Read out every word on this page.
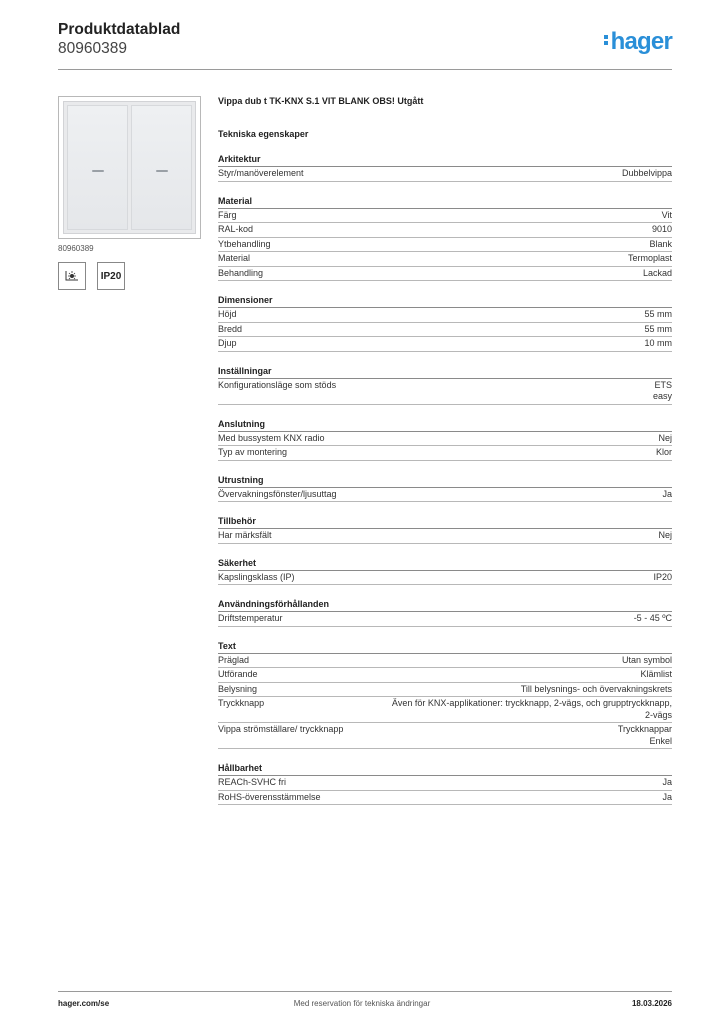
Produktdatablad
80960389	hager
80960389
IP20
Vippa dub t TK-KNX S.1 VIT BLANK OBS! Utgått
Tekniska egenskaper
Arkitektur
Styr/manöverelement	Dubbelvippa
Material
Färg	Vit
RAL-kod	9010
Ytbehandling	Blank
Material	Termoplast
Behandling	Lackad
Dimensioner
Höjd	55 mm
Bredd	55 mm
Djup	10 mm
Inställningar
Konfigurationsläge som stöds	ETS
easy
Anslutning
Med bussystem KNX radio	Nej
Typ av montering	Klor
Utrustning
Övervakningsfönster/ljusuttag	Ja
Tillbehör
Har märksfält	Nej
Säkerhet
Kapslingsklass (IP)	IP20
Användningsförhållanden
Driftstemperatur	-5 - 45 ºC
Text
Präglad	Utan symbol
Utförande	Klämlist
Belysning	Till belysnings- och övervakningskrets
Tryckknapp	Även för KNX-applikationer: tryckknapp, 2-vägs, och grupptryckknapp,
2-vägs
Vippa strömställare/ tryckknapp	Tryckknappar
Enkel
Hållbarhet
REACh-SVHC fri	Ja
RoHS-överensstämmelse	Ja
hager.com/se	Med reservation för tekniska ändringar	18.03.2026
